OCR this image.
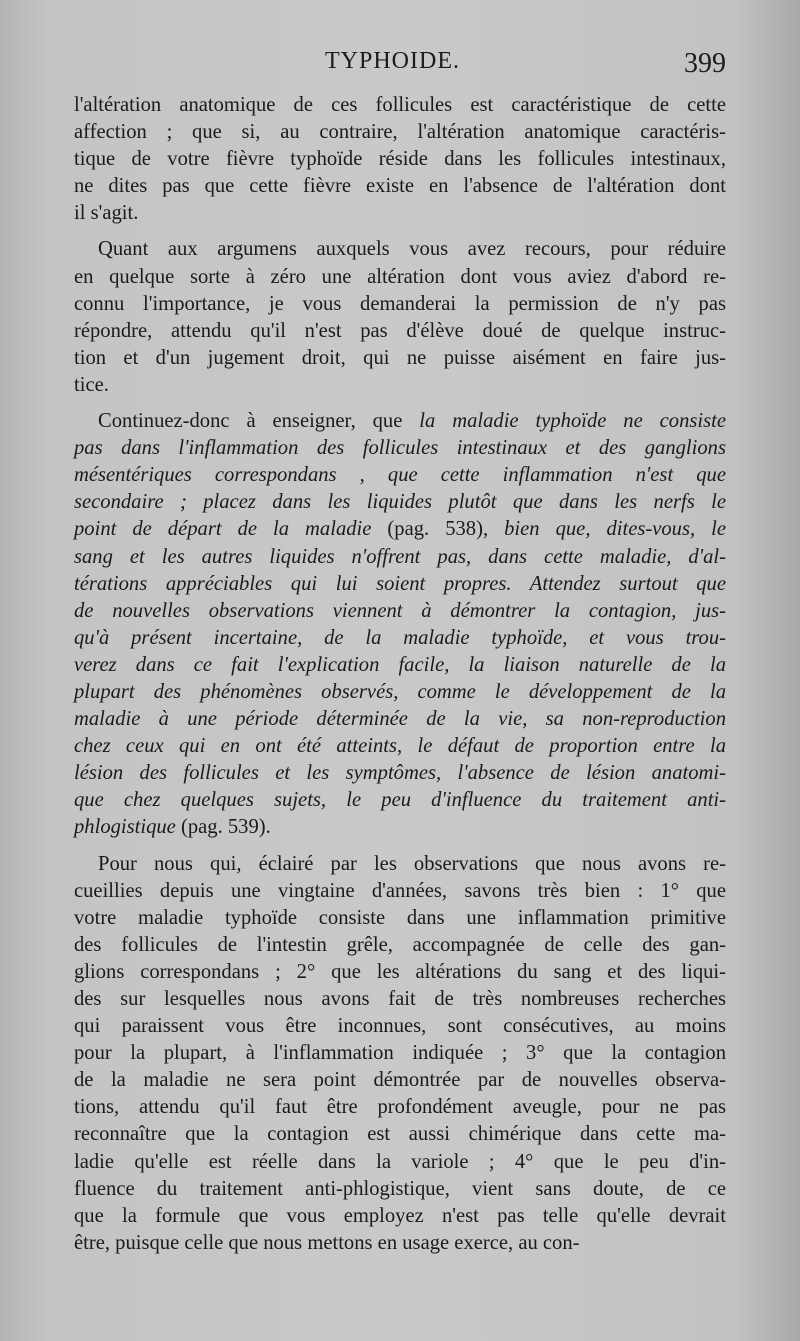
TYPHOIDE.	399
l'altération anatomique de ces follicules est caractéristique de cette
affection ; que si, au contraire, l'altération anatomique caractéris-
tique de votre fièvre typhoïde réside dans les follicules intestinaux,
ne dites pas que cette fièvre existe en l'absence de l'altération dont
il s'agit.
Quant aux argumens auxquels vous avez recours, pour réduire
en quelque sorte à zéro une altération dont vous aviez d'abord re-
connu l'importance, je vous demanderai la permission de n'y pas
répondre, attendu qu'il n'est pas d'élève doué de quelque instruc-
tion et d'un jugement droit, qui ne puisse aisément en faire jus-
tice.
Continuez-donc à enseigner, que la maladie typhoïde ne consiste
pas dans l'inflammation des follicules intestinaux et des ganglions
mésentériques correspondans , que cette inflammation n'est que
secondaire ; placez dans les liquides plutôt que dans les nerfs le
point de départ de la maladie (pag. 538), bien que, dites-vous, le
sang et les autres liquides n'offrent pas, dans cette maladie, d'al-
térations appréciables qui lui soient propres. Attendez surtout que
de nouvelles observations viennent à démontrer la contagion, jus-
qu'à présent incertaine, de la maladie typhoïde, et vous trou-
verez dans ce fait l'explication facile, la liaison naturelle de la
plupart des phénomènes observés, comme le développement de la
maladie à une période déterminée de la vie, sa non-reproduction
chez ceux qui en ont été atteints, le défaut de proportion entre la
lésion des follicules et les symptômes, l'absence de lésion anatomi-
que chez quelques sujets, le peu d'influence du traitement anti-
phlogistique (pag. 539).
Pour nous qui, éclairé par les observations que nous avons re-
cueillies depuis une vingtaine d'années, savons très bien : 1° que
votre maladie typhoïde consiste dans une inflammation primitive
des follicules de l'intestin grêle, accompagnée de celle des gan-
glions correspondans ; 2° que les altérations du sang et des liqui-
des sur lesquelles nous avons fait de très nombreuses recherches
qui paraissent vous être inconnues, sont consécutives, au moins
pour la plupart, à l'inflammation indiquée ; 3° que la contagion
de la maladie ne sera point démontrée par de nouvelles observa-
tions, attendu qu'il faut être profondément aveugle, pour ne pas
reconnaître que la contagion est aussi chimérique dans cette ma-
ladie qu'elle est réelle dans la variole ; 4° que le peu d'in-
fluence du traitement anti-phlogistique, vient sans doute, de ce
que la formule que vous employez n'est pas telle qu'elle devrait
être, puisque celle que nous mettons en usage exerce, au con-
